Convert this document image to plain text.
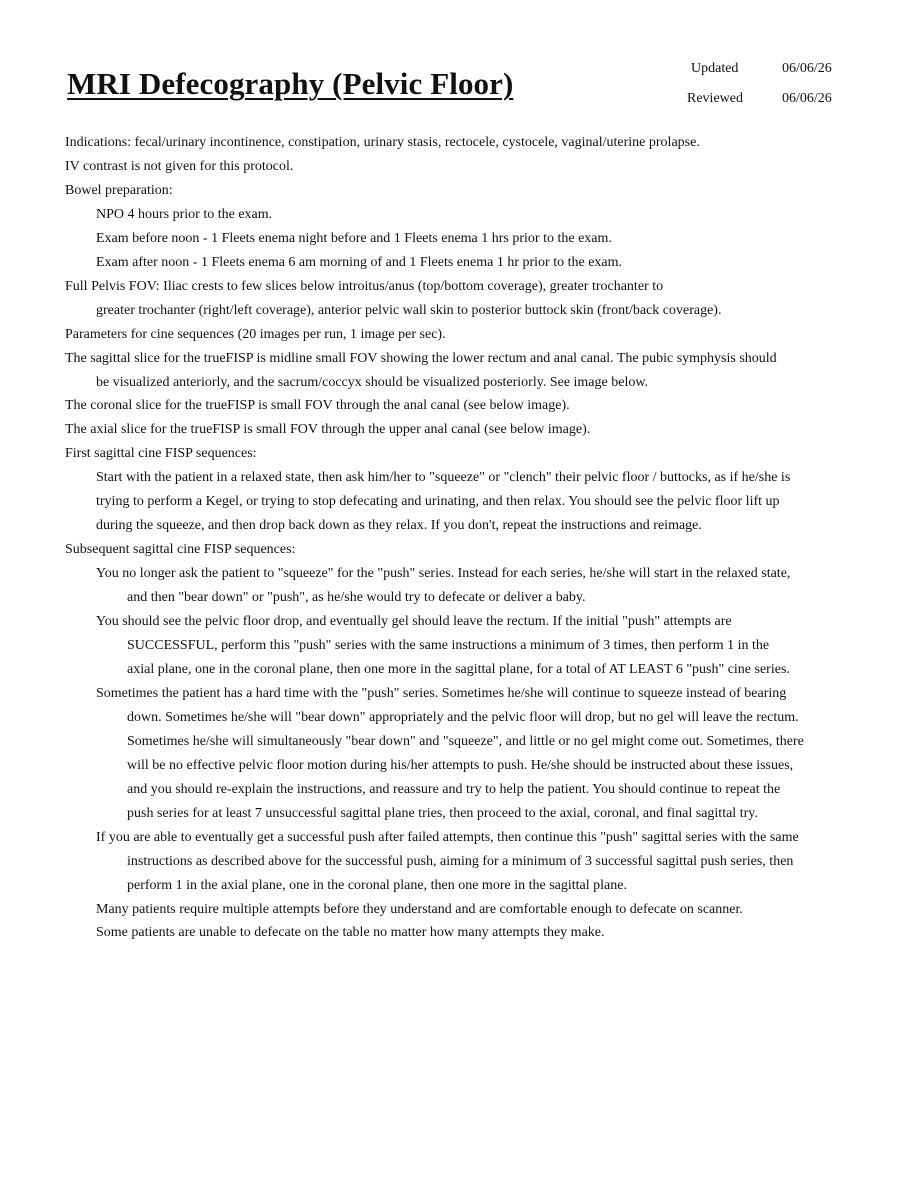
MRI Defecography (Pelvic Floor)	Updated	06/06/26
Reviewed	06/06/26
Indications: fecal/urinary incontinence, constipation, urinary stasis, rectocele, cystocele, vaginal/uterine prolapse.
IV contrast is not given for this protocol.
Bowel preparation:
NPO 4 hours prior to the exam.
Exam before noon - 1 Fleets enema night before and 1 Fleets enema 1 hrs prior to the exam.
Exam after noon - 1 Fleets enema 6 am morning of and 1 Fleets enema 1 hr prior to the exam.
Full Pelvis FOV: Iliac crests to few slices below introitus/anus (top/bottom coverage), greater trochanter to
greater trochanter (right/left coverage), anterior pelvic wall skin to posterior buttock skin (front/back coverage).
Parameters for cine sequences (20 images per run, 1 image per sec).
The sagittal slice for the trueFISP is midline small FOV showing the lower rectum and anal canal. The pubic symphysis should
be visualized anteriorly, and the sacrum/coccyx should be visualized posteriorly. See image below.
The coronal slice for the trueFISP is small FOV through the anal canal (see below image).
The axial slice for the trueFISP is small FOV through the upper anal canal (see below image).
First sagittal cine FISP sequences:
Start with the patient in a relaxed state, then ask him/her to "squeeze" or "clench" their pelvic floor / buttocks, as if he/she is
trying to perform a Kegel, or trying to stop defecating and urinating, and then relax. You should see the pelvic floor lift up
during the squeeze, and then drop back down as they relax. If you don't, repeat the instructions and reimage.
Subsequent sagittal cine FISP sequences:
You no longer ask the patient to "squeeze" for the "push" series. Instead for each series, he/she will start in the relaxed state,
and then "bear down" or "push", as he/she would try to defecate or deliver a baby.
You should see the pelvic floor drop, and eventually gel should leave the rectum. If the initial "push" attempts are
SUCCESSFUL, perform this "push" series with the same instructions a minimum of 3 times, then perform 1 in the
axial plane, one in the coronal plane, then one more in the sagittal plane, for a total of AT LEAST 6 "push" cine series.
Sometimes the patient has a hard time with the "push" series. Sometimes he/she will continue to squeeze instead of bearing
down. Sometimes he/she will "bear down" appropriately and the pelvic floor will drop, but no gel will leave the rectum.
Sometimes he/she will simultaneously "bear down" and "squeeze", and little or no gel might come out. Sometimes, there
will be no effective pelvic floor motion during his/her attempts to push. He/she should be instructed about these issues,
and you should re-explain the instructions, and reassure and try to help the patient. You should continue to repeat the
push series for at least 7 unsuccessful sagittal plane tries, then proceed to the axial, coronal, and final sagittal try.
If you are able to eventually get a successful push after failed attempts, then continue this "push" sagittal series with the same
instructions as described above for the successful push, aiming for a minimum of 3 successful sagittal push series, then
perform 1 in the axial plane, one in the coronal plane, then one more in the sagittal plane.
Many patients require multiple attempts before they understand and are comfortable enough to defecate on scanner.
Some patients are unable to defecate on the table no matter how many attempts they make.
